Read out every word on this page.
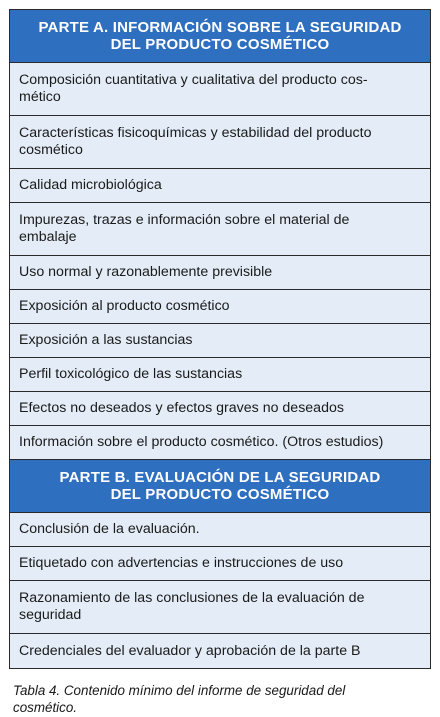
PARTE A. INFORMACIÓN SOBRE LA SEGURIDAD
DEL PRODUCTO COSMÉTICO
Composición cuantitativa y cualitativa del producto cos-
mético
Características fisicoquímicas y estabilidad del producto
cosmético
Calidad microbiológica
Impurezas, trazas e información sobre el material de
embalaje
Uso normal y razonablemente previsible
Exposición al producto cosmético
Exposición a las sustancias
Perfil toxicológico de las sustancias
Efectos no deseados y efectos graves no deseados
Información sobre el producto cosmético. (Otros estudios)
PARTE B. EVALUACIÓN DE LA SEGURIDAD
DEL PRODUCTO COSMÉTICO
Conclusión de la evaluación.
Etiquetado con advertencias e instrucciones de uso
Razonamiento de las conclusiones de la evaluación de
seguridad
Credenciales del evaluador y aprobación de la parte B
Tabla 4. Contenido mínimo del informe de seguridad del
cosmético.
